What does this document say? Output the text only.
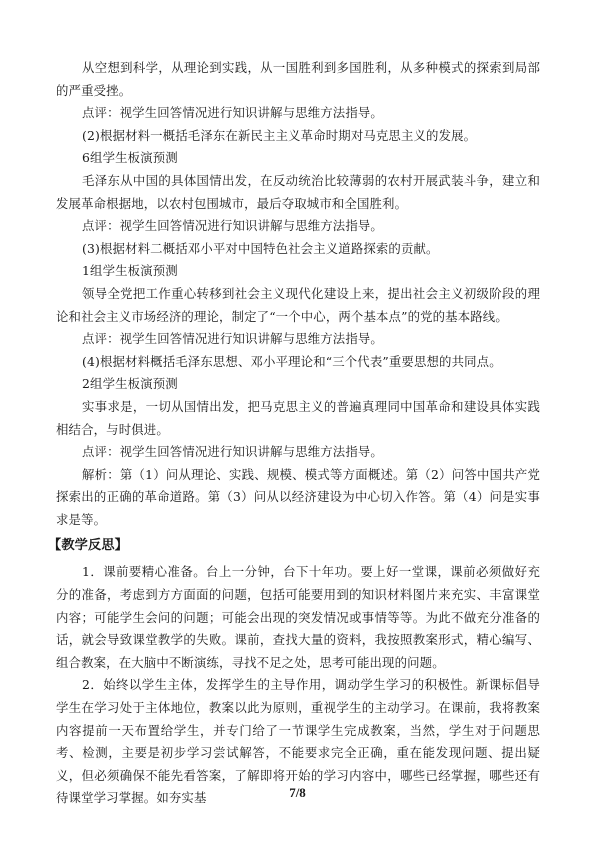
从空想到科学，从理论到实践，从一国胜利到多国胜利，从多种模式的探索到局部的严重受挫。

点评：视学生回答情况进行知识讲解与思维方法指导。

(2)根据材料一概括毛泽东在新民主主义革命时期对马克思主义的发展。

6组学生板演预测

毛泽东从中国的具体国情出发，在反动统治比较薄弱的农村开展武装斗争，建立和发展革命根据地，以农村包围城市，最后夺取城市和全国胜利。

点评：视学生回答情况进行知识讲解与思维方法指导。

(3)根据材料二概括邓小平对中国特色社会主义道路探索的贡献。

1组学生板演预测

领导全党把工作重心转移到社会主义现代化建设上来，提出社会主义初级阶段的理论和社会主义市场经济的理论，制定了“一个中心，两个基本点”的党的基本路线。

点评：视学生回答情况进行知识讲解与思维方法指导。

(4)根据材料概括毛泽东思想、邓小平理论和“三个代表”重要思想的共同点。

2组学生板演预测

实事求是，一切从国情出发，把马克思主义的普遍真理同中国革命和建设具体实践相结合，与时俱进。

点评：视学生回答情况进行知识讲解与思维方法指导。

解析：第（1）问从理论、实践、规模、模式等方面概述。第（2）问答中国共产党探索出的正确的革命道路。第（3）问从以经济建设为中心切入作答。第（4）问是实事求是等。

【教学反思】

1．课前要精心准备。台上一分钟，台下十年功。要上好一堂课，课前必须做好充分的准备，考虑到方方面面的问题，包括可能要用到的知识材料图片来充实、丰富课堂内容；可能学生会问的问题；可能会出现的突发情况或事情等等。为此不做充分准备的话，就会导致课堂教学的失败。课前，查找大量的资料，我按照教案形式，精心编写、组合教案，在大脑中不断演练，寻找不足之处，思考可能出现的问题。

2．始终以学生主体，发挥学生的主导作用，调动学生学习的积极性。新课标倡导学生在学习处于主体地位，教案以此为原则，重视学生的主动学习。在课前，我将教案内容提前一天布置给学生，并专门给了一节课学生完成教案，当然，学生对于问题思考、检测，主要是初步学习尝试解答，不能要求完全正确，重在能发现问题、提出疑义，但必须确保不能先看答案，了解即将开始的学习内容中，哪些已经掌握，哪些还有待课堂学习掌握。如夯实基	7/8
